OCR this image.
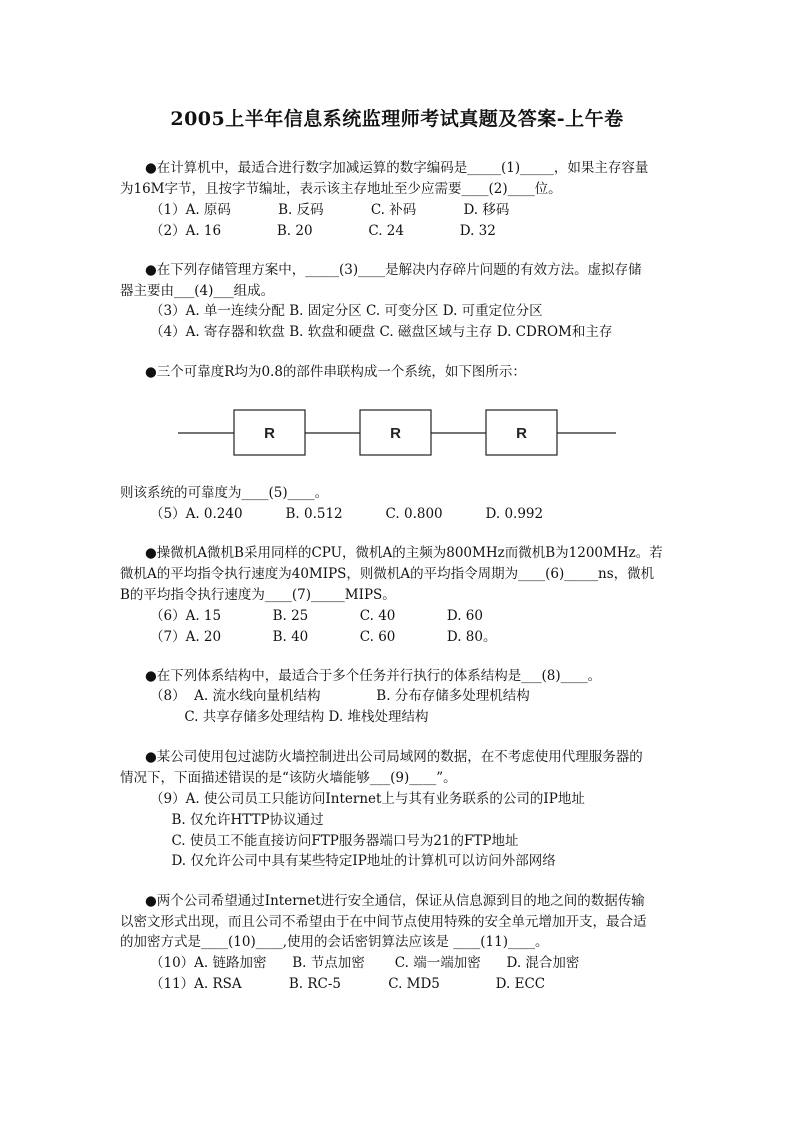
2005上半年信息系统监理师考试真题及答案-上午卷
●在计算机中，最适合进行数字加减运算的数字编码是_____(1)_____，如果主存容量
为16M字节，且按字节编址，表示该主存地址至少应需要____(2)____位。
（1）A. 原码           B. 反码           C. 补码           D. 移码
（2）A. 16             B. 20             C. 24             D. 32
●在下列存储管理方案中，_____(3)____是解决内存碎片问题的有效方法。虚拟存储
器主要由___(4)___组成。
（3）A. 单一连续分配 B. 固定分区 C. 可变分区 D. 可重定位分区
（4）A. 寄存器和软盘 B. 软盘和硬盘 C. 磁盘区域与主存 D. CDROM和主存
●三个可靠度R均为0.8的部件串联构成一个系统，如下图所示：
R	R	R
则该系统的可靠度为____(5)____。
（5）A. 0.240          B. 0.512          C. 0.800          D. 0.992
●操微机A微机B采用同样的CPU，微机A的主频为800MHz而微机B为1200MHz。若
微机A的平均指令执行速度为40MIPS，则微机A的平均指令周期为____(6)_____ns，微机
B的平均指令执行速度为____(7)_____MIPS。
（6）A. 15            B. 25            C. 40            D. 60
（7）A. 20            B. 40            C. 60            D. 80。
●在下列体系结构中，最适合于多个任务并行执行的体系结构是___(8)____。
（8）  A. 流水线向量机结构             B. 分布存储多处理机结构
C. 共享存储多处理结构 D. 堆栈处理结构
●某公司使用包过滤防火墙控制进出公司局域网的数据，在不考虑使用代理服务器的
情况下，下面描述错误的是“该防火墙能够___(9)____”。
（9）A. 使公司员工只能访问Internet上与其有业务联系的公司的IP地址
B. 仅允许HTTP协议通过
C. 使员工不能直接访问FTP服务器端口号为21的FTP地址
D. 仅允许公司中具有某些特定IP地址的计算机可以访问外部网络
●两个公司希望通过Internet进行安全通信，保证从信息源到目的地之间的数据传输
以密文形式出现，而且公司不希望由于在中间节点使用特殊的安全单元增加开支，最合适
的加密方式是____(10)____,使用的会话密钥算法应该是 ____(11)____。
（10）A. 链路加密      B. 节点加密       C. 端一端加密      D. 混合加密
（11）A. RSA           B. RC-5           C. MD5             D. ECC
